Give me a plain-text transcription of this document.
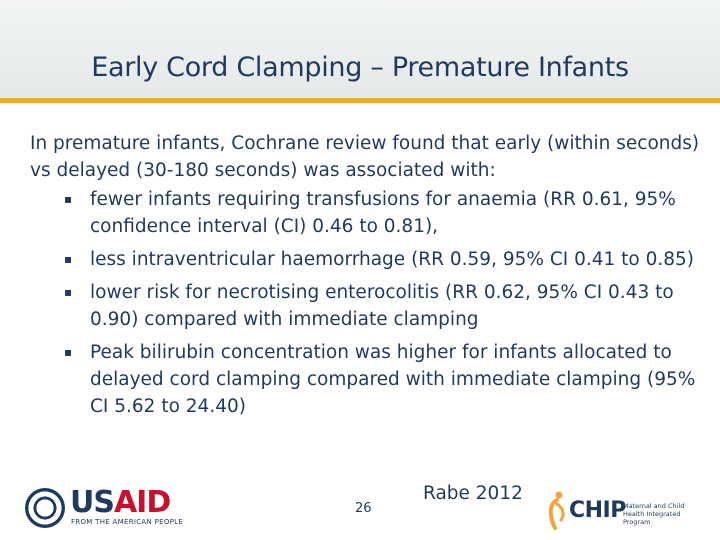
Early Cord Clamping – Premature Infants

In premature infants, Cochrane review found that early (within seconds) vs delayed (30-180 seconds) was associated with:

▪ fewer infants requiring transfusions for anaemia (RR 0.61, 95% confidence interval (CI) 0.46 to 0.81),
▪ less intraventricular haemorrhage (RR 0.59, 95% CI 0.41 to 0.85)
▪ lower risk for necrotising enterocolitis (RR 0.62, 95% CI 0.43 to 0.90) compared with immediate clamping
▪ Peak bilirubin concentration was higher for infants allocated to delayed cord clamping compared with immediate clamping (95% CI 5.62 to 24.40)
USAID
FROM THE AMERICAN PEOPLE
26
Rabe 2012
CHIP
Maternal and Child Health Integrated Program
